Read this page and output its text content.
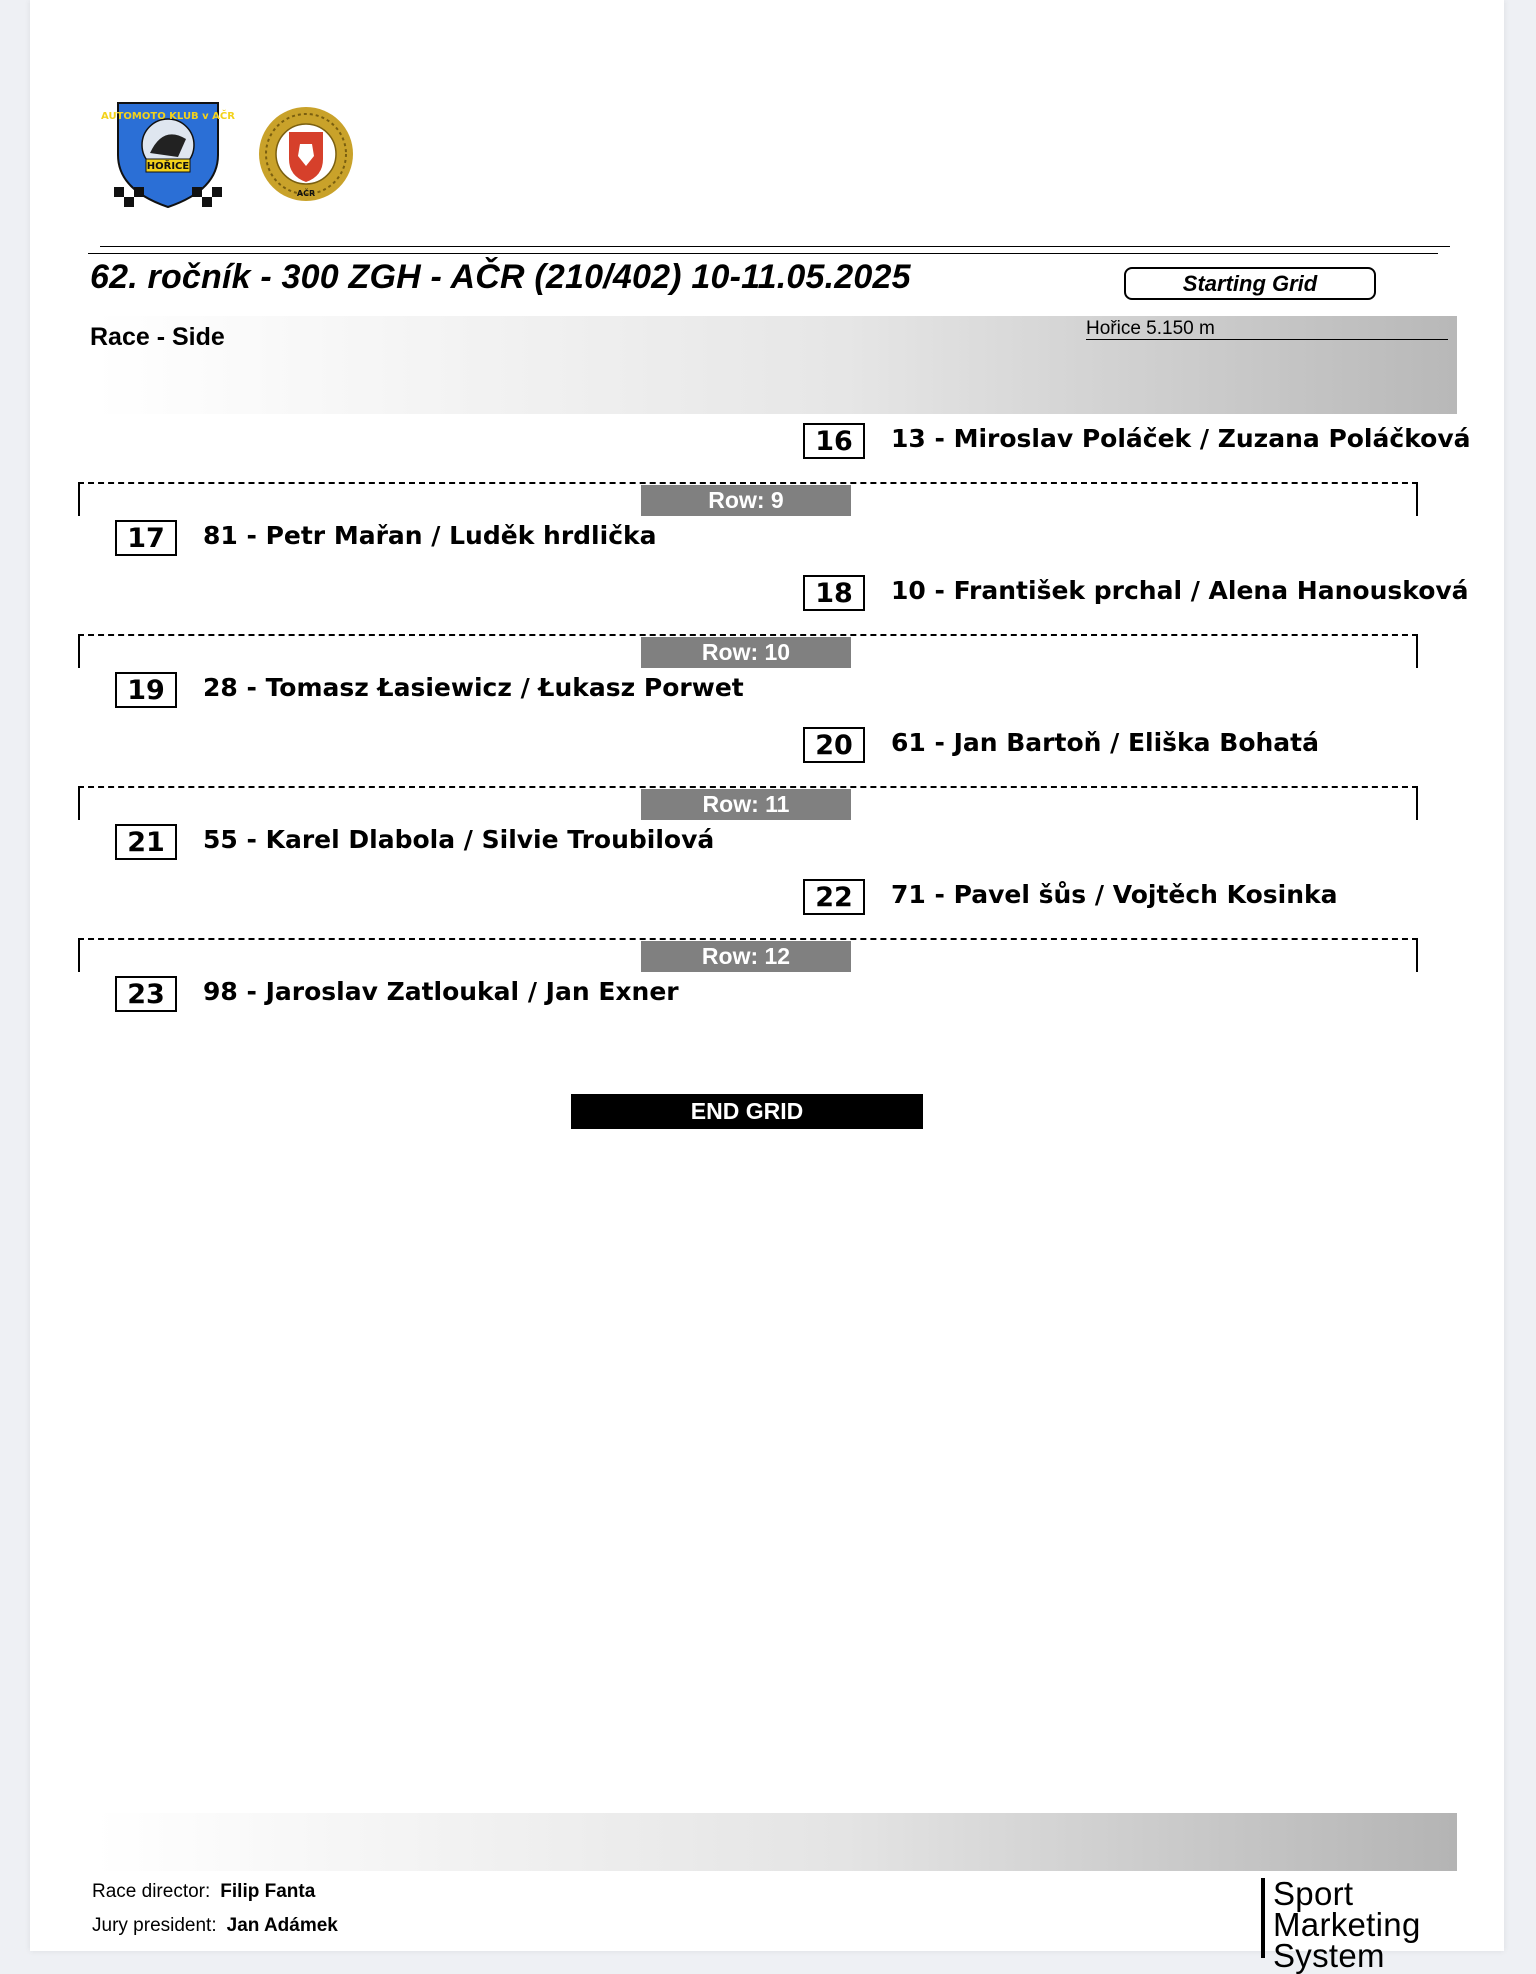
AUTOMOTO KLUB v AČR
HOŘICE
AČR
62. ročník - 300 ZGH - AČR (210/402) 10-11.05.2025	Starting Grid
Race - Side	Hořice 5.150 m
16	13 - Miroslav Poláček / Zuzana Poláčková
Row: 9
17	81 - Petr Mařan / Luděk hrdlička
18	10 - František prchal / Alena Hanousková
Row: 10
19	28 - Tomasz Łasiewicz / Łukasz Porwet
20	61 - Jan Bartoň / Eliška Bohatá
Row: 11
21	55 - Karel Dlabola / Silvie Troubilová
22	71 - Pavel šůs / Vojtěch Kosinka
Row: 12
23	98 - Jaroslav Zatloukal / Jan Exner
END GRID
Race director: Filip Fanta
Jury president: Jan Adámek
Sport Marketing System
